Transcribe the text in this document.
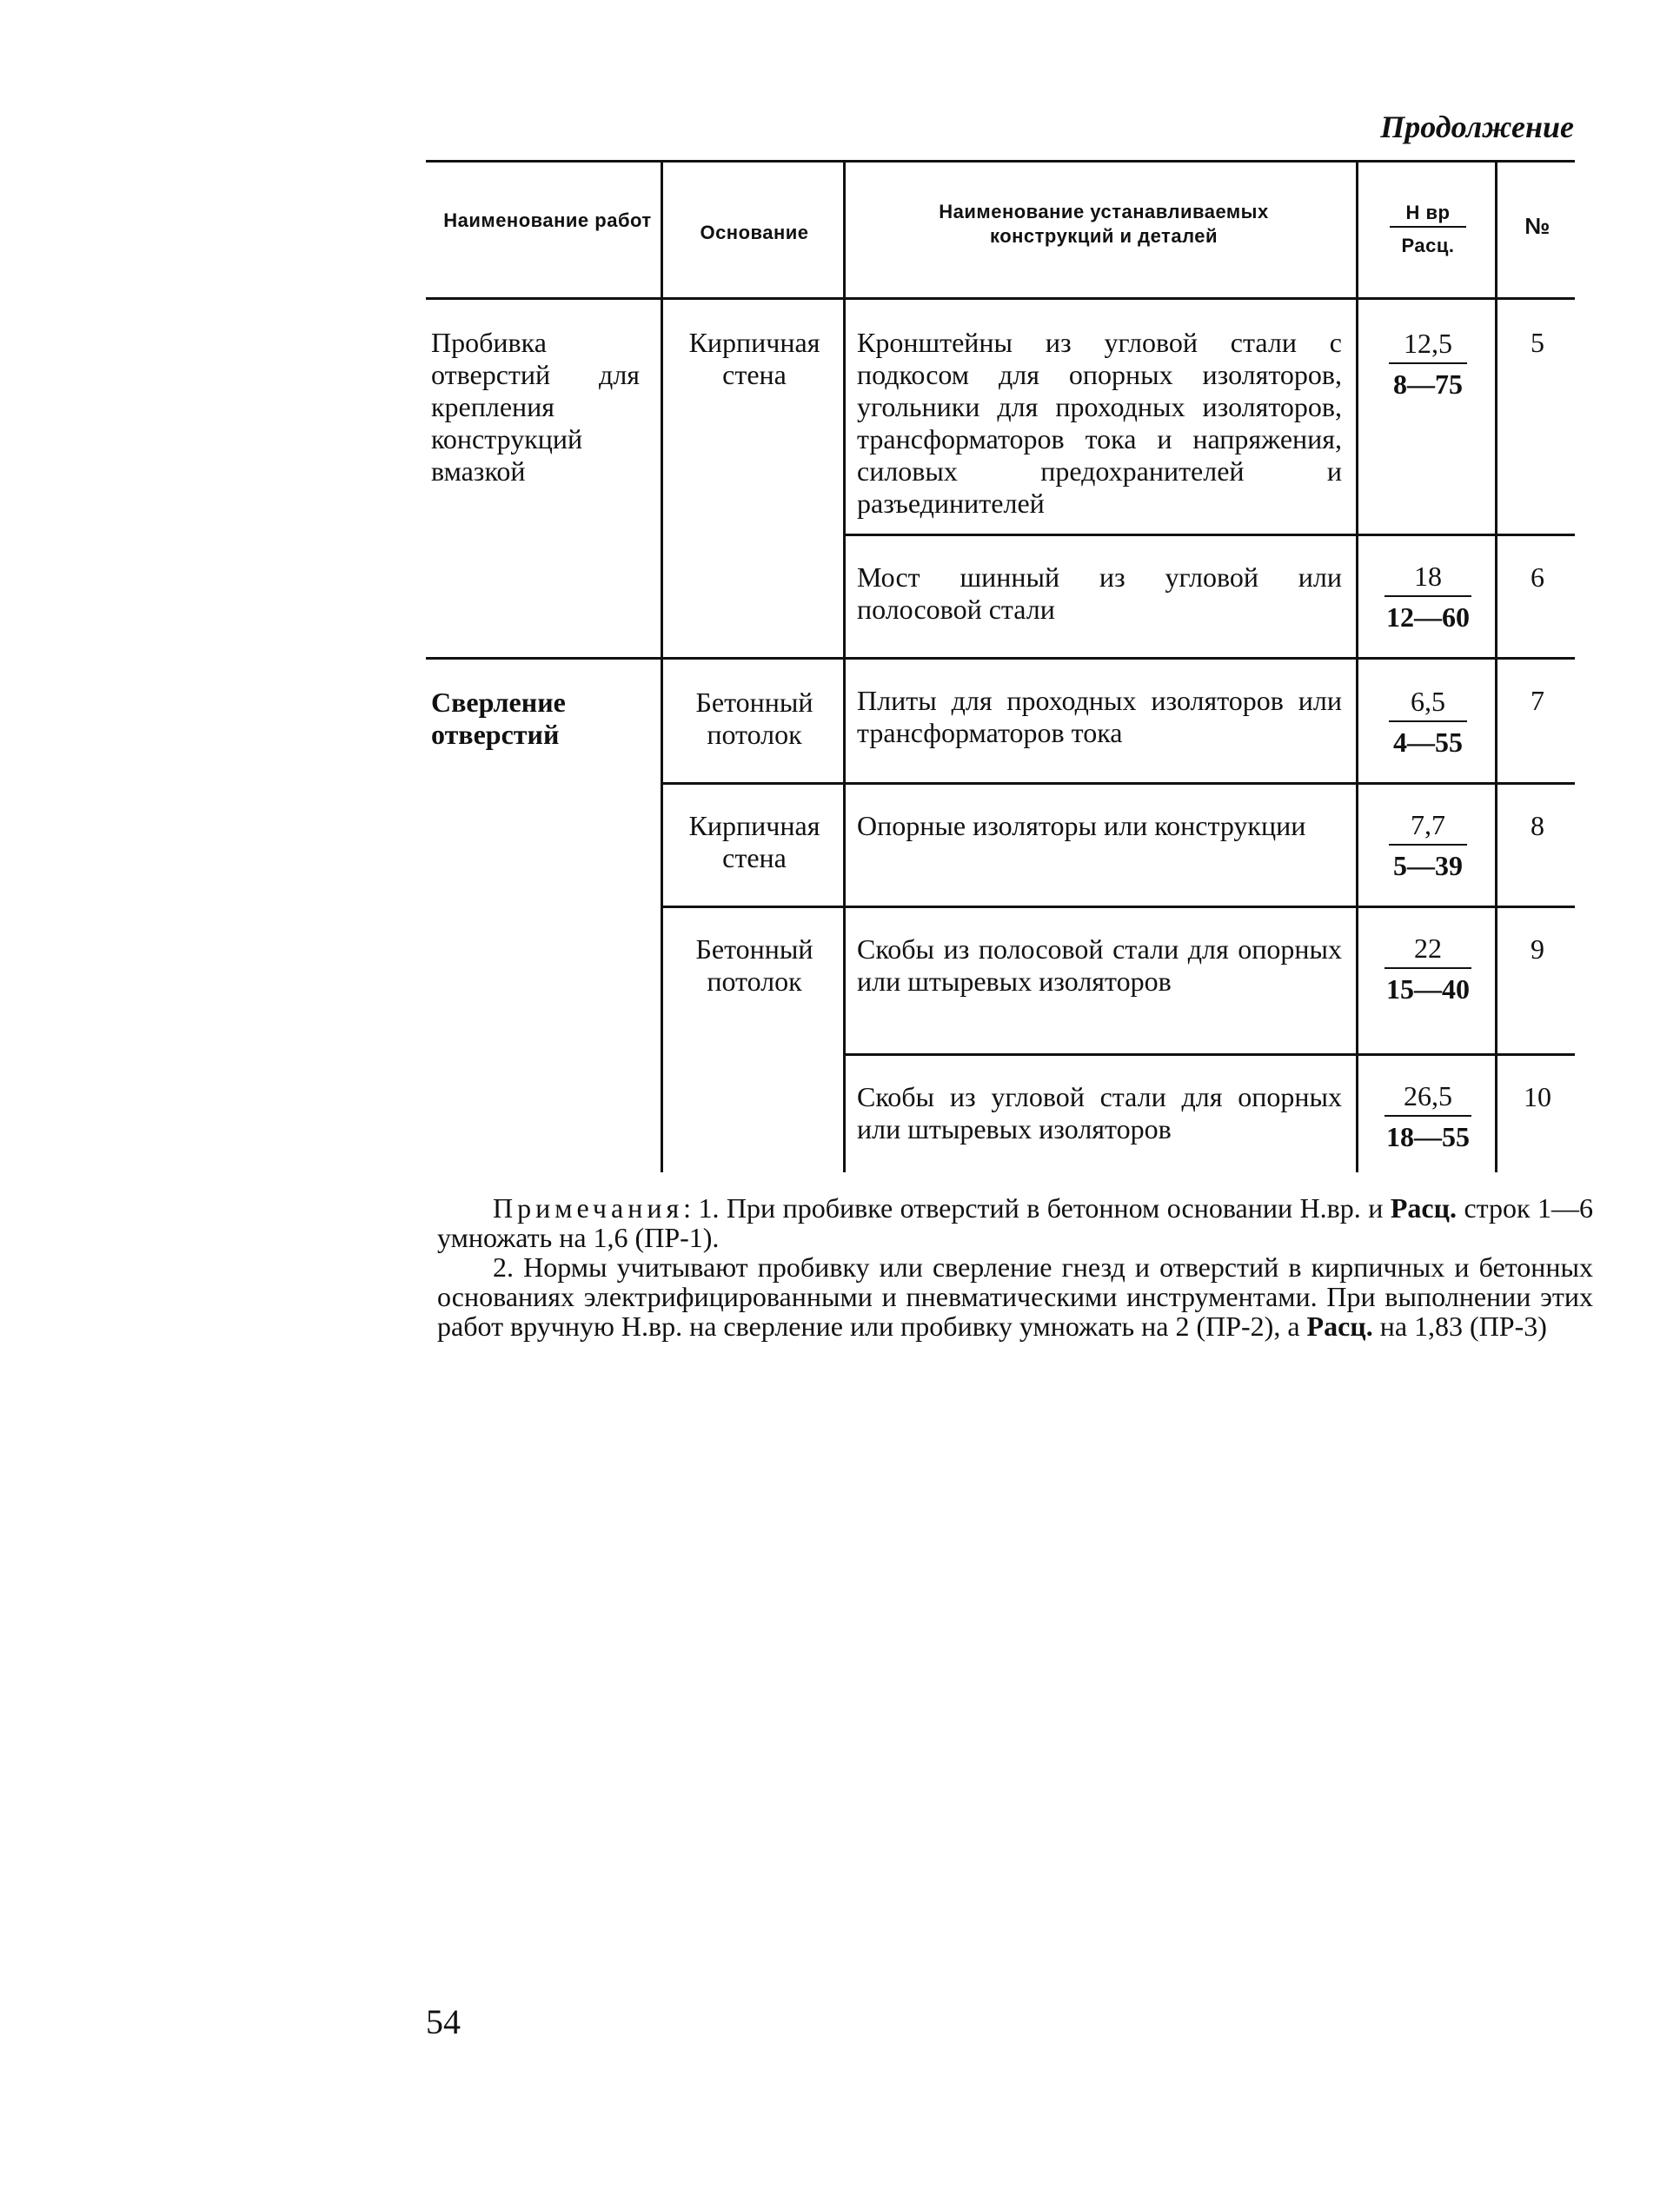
Продолжение
Наименование работ
Основание
Наименование устанавливаемых конструкций и деталей
Н вр
Расц.
№
Пробивка отверстий для крепления конструкций вмазкой
Сверление отверстий
Кирпичная стена
Бетонный потолок
Кирпичная стена
Бетонный потолок
Кронштейны из угловой стали с подкосом для опорных изоляторов, угольники для проходных изоляторов, трансформаторов тока и напряжения, силовых предохранителей и разъединителей
Мост шинный из угловой или полосовой стали
Плиты для проходных изоляторов или трансформаторов тока
Опорные изоляторы или конструкции
Скобы из полосовой стали для опорных или штыревых изоляторов
Скобы из угловой стали для опорных или штыревых изоляторов
$\frac{12,5}{8—75}$
$\frac{18}{12—60}$
$\frac{6,5}{4—55}$
$\frac{7,7}{5—39}$
$\frac{22}{15—40}$
$\frac{26,5}{18—55}$
5
6
7
8
9
10

Примечания: 1. При пробивке отверстий в бетонном основании Н.вр. и Расц. строк 1—6 умножать на 1,6 (ПР-1).

2. Нормы учитывают пробивку или сверление гнезд и отверстий в кирпичных и бетонных основаниях электрифицированными и пневматическими инструментами. При выполнении этих работ вручную Н.вр. на сверление или пробивку умножать на 2 (ПР-2), а Расц. на 1,83 (ПР-3)

54
